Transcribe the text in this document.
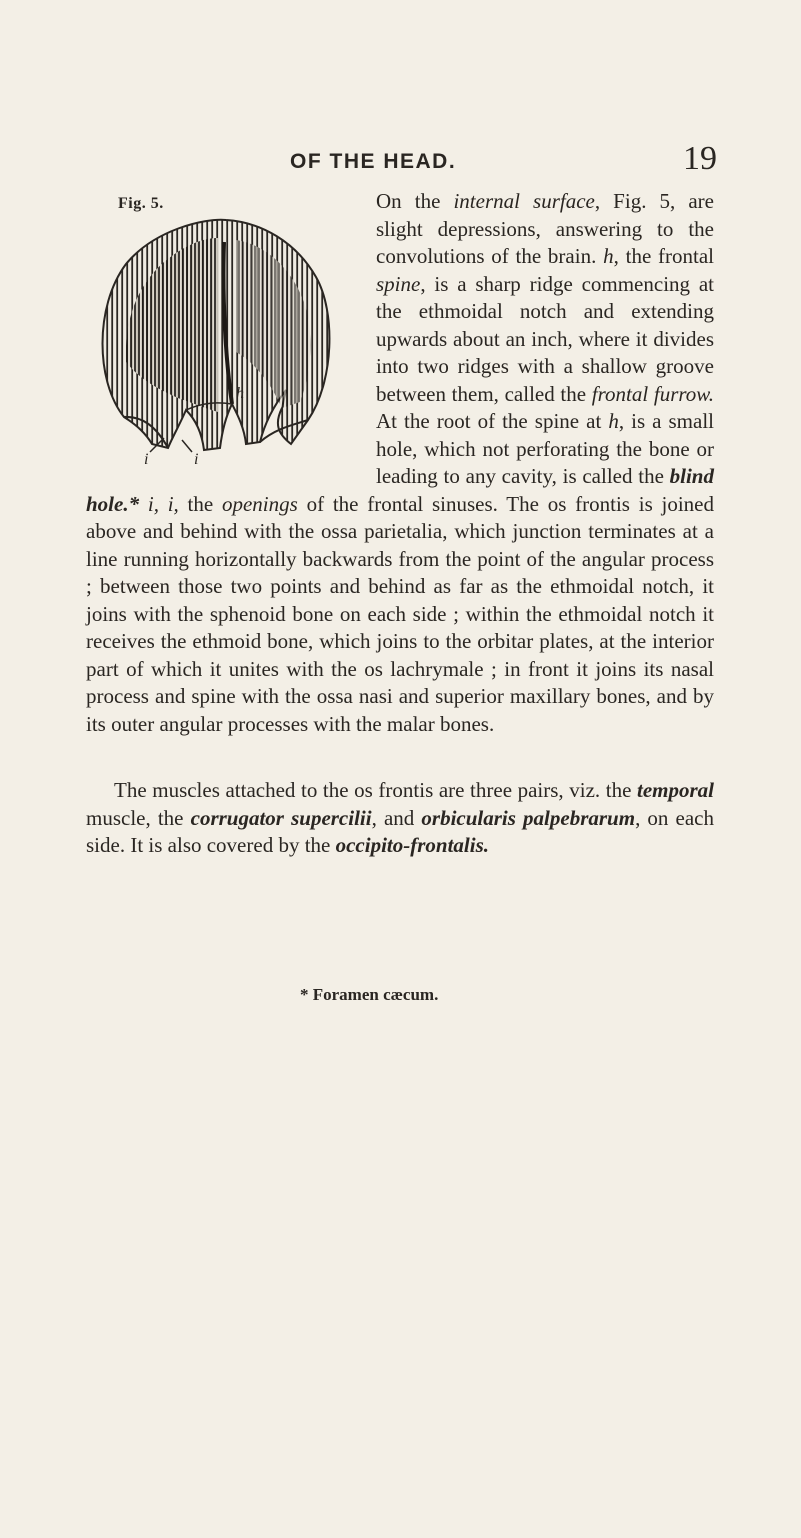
OF THE HEAD.	19
Fig. 5.
h
i	i
On the internal surface, Fig. 5, are slight depressions, answering to the convolutions of the brain. h, the frontal spine, is a sharp ridge commencing at the ethmoidal notch and extending upwards about an inch, where it divides into two ridges with a shallow groove between them, called the frontal furrow. At the root of the spine at h, is a small hole, which not perforating the bone or leading to any cavity, is called the blind hole.* i, i, the openings of the frontal sinuses. The os frontis is joined above and behind with the ossa parietalia, which junction terminates at a line running horizontally backwards from the point of the angular process ; between those two points and behind as far as the ethmoidal notch, it joins with the sphenoid bone on each side ; within the ethmoidal notch it receives the ethmoid bone, which joins to the orbitar plates, at the interior part of which it unites with the os lachrymale ; in front it joins its nasal process and spine with the ossa nasi and superior maxillary bones, and by its outer angular processes with the malar bones.
The muscles attached to the os frontis are three pairs, viz. the temporal muscle, the corrugator supercilii, and orbicularis palpebrarum, on each side. It is also covered by the occipito-frontalis.
* Foramen cæcum.
